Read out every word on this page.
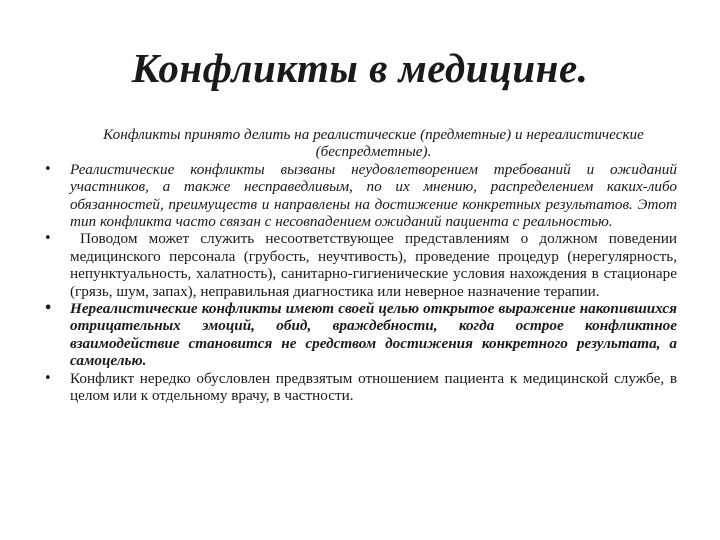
Конфликты в медицине.

Конфликты принято делить на реалистические (предметные) и нереалистические (беспредметные).

•	Реалистические конфликты вызваны неудовлетворением требований и ожиданий участников, а также несправедливым, по их мнению, распределением каких-либо обязанностей, преимуществ и направлены на достижение конкретных результатов. Этот тип конфликта часто связан с несовпадением ожиданий пациента с реальностью.
•	Поводом может служить несоответствующее представлениям о должном поведении медицинского персонала (грубость, неучтивость), проведение процедур (нерегулярность, непунктуальность, халатность), санитарно-гигиенические условия нахождения в стационаре (грязь, шум, запах), неправильная диагностика или неверное назначение терапии.
•	Нереалистические конфликты имеют своей целью открытое выражение накопившихся отрицательных эмоций, обид, враждебности, когда острое конфликтное взаимодействие становится не средством достижения конкретного результата, а самоцелью.
•	Конфликт нередко обусловлен предвзятым отношением пациента к медицинской службе, в целом или к отдельному врачу, в частности.
